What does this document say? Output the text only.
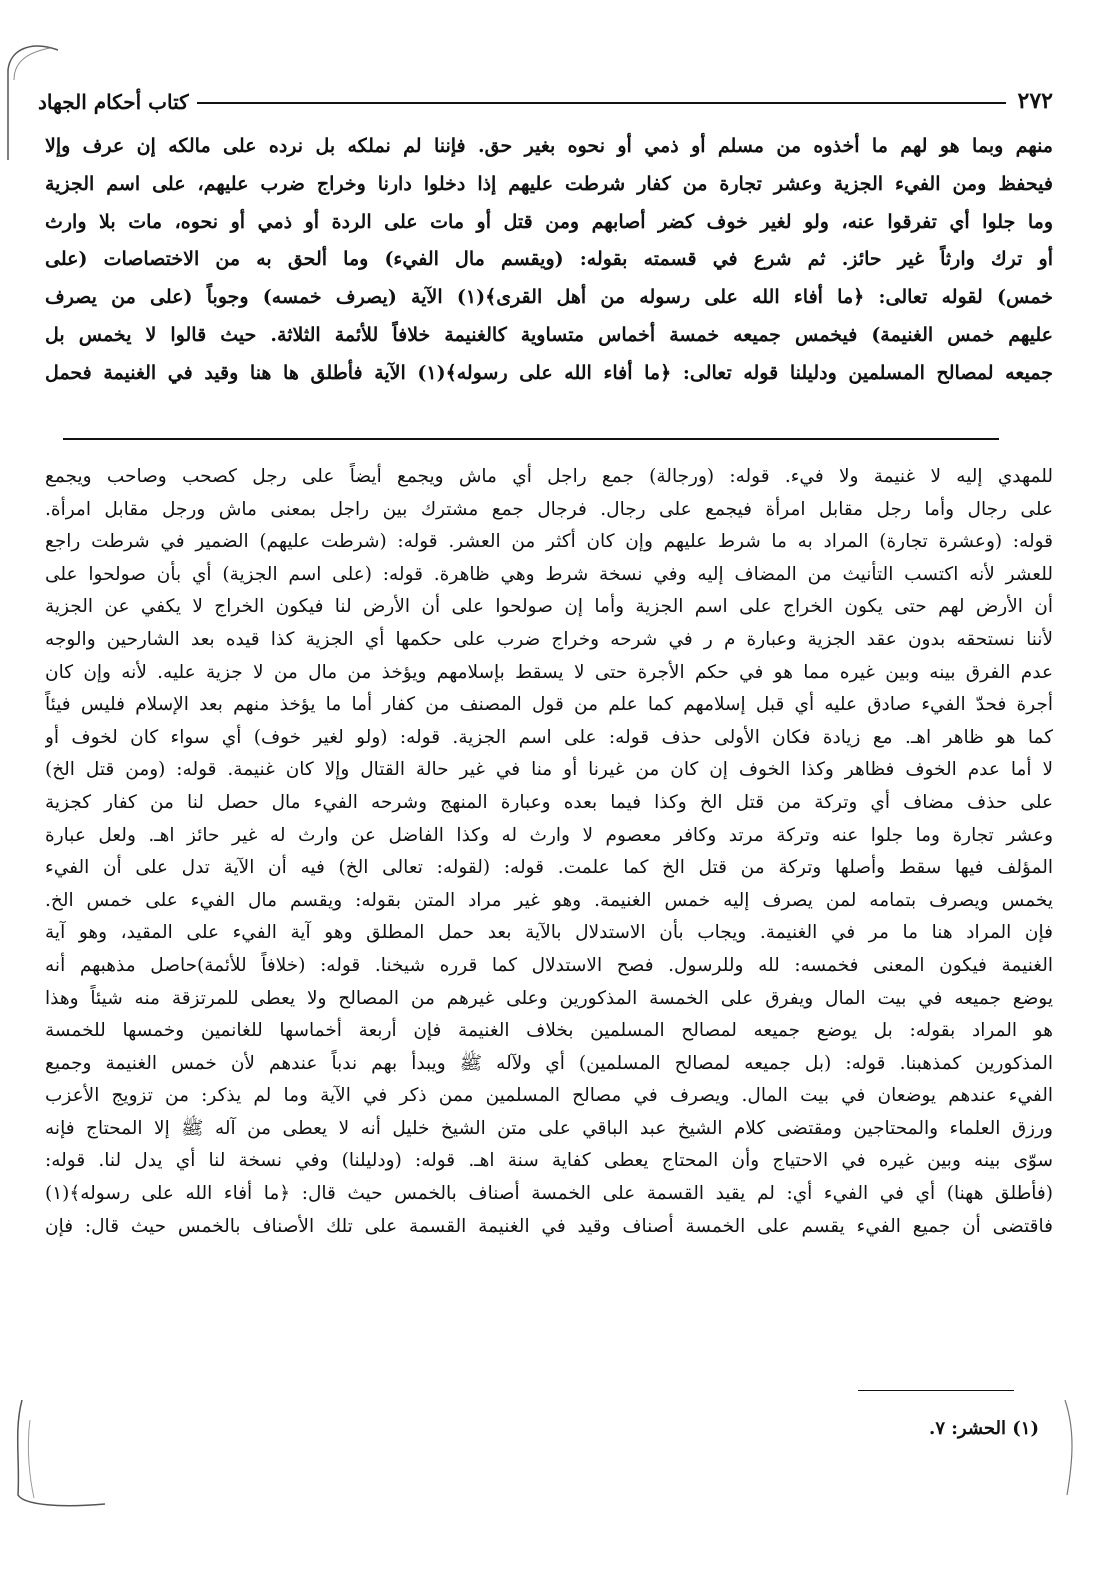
٢٧٢
كتاب أحكام الجهاد
منهم وبما هو لهم ما أخذوه من مسلم أو ذمي أو نحوه بغير حق. فإننا لم نملكه بل نرده على مالكه إن عرف وإلا
فيحفظ ومن الفيء الجزية وعشر تجارة من كفار شرطت عليهم إذا دخلوا دارنا وخراج ضرب عليهم، على اسم الجزية
وما جلوا أي تفرقوا عنه، ولو لغير خوف كضر أصابهم ومن قتل أو مات على الردة أو ذمي أو نحوه، مات بلا وارث
أو ترك وارثاً غير حائز. ثم شرع في قسمته بقوله: (ويقسم مال الفيء) وما ألحق به من الاختصاصات (على
خمس) لقوله تعالى: ﴿ما أفاء الله على رسوله من أهل القرى﴾(١) الآية (يصرف خمسه) وجوباً (على من يصرف
عليهم خمس الغنيمة) فيخمس جميعه خمسة أخماس متساوية كالغنيمة خلافاً للأئمة الثلاثة. حيث قالوا لا يخمس بل
جميعه لمصالح المسلمين ودليلنا قوله تعالى: ﴿ما أفاء الله على رسوله﴾(١) الآية فأطلق ها هنا وقيد في الغنيمة فحمل
للمهدي إليه لا غنيمة ولا فيء. قوله: (ورجالة) جمع راجل أي ماش ويجمع أيضاً على رجل كصحب وصاحب ويجمع
على رجال وأما رجل مقابل امرأة فيجمع على رجال. فرجال جمع مشترك بين راجل بمعنى ماش ورجل مقابل امرأة.
قوله: (وعشرة تجارة) المراد به ما شرط عليهم وإن كان أكثر من العشر. قوله: (شرطت عليهم) الضمير في شرطت راجع
للعشر لأنه اكتسب التأنيث من المضاف إليه وفي نسخة شرط وهي ظاهرة. قوله: (على اسم الجزية) أي بأن صولحوا على
أن الأرض لهم حتى يكون الخراج على اسم الجزية وأما إن صولحوا على أن الأرض لنا فيكون الخراج لا يكفي عن الجزية
لأننا نستحقه بدون عقد الجزية وعبارة م ر في شرحه وخراج ضرب على حكمها أي الجزية كذا قيده بعد الشارحين والوجه
عدم الفرق بينه وبين غيره مما هو في حكم الأجرة حتى لا يسقط بإسلامهم ويؤخذ من مال من لا جزية عليه. لأنه وإن كان
أجرة فحدّ الفيء صادق عليه أي قبل إسلامهم كما علم من قول المصنف من كفار أما ما يؤخذ منهم بعد الإسلام فليس فيئاً
كما هو ظاهر اهـ. مع زيادة فكان الأولى حذف قوله: على اسم الجزية. قوله: (ولو لغير خوف) أي سواء كان لخوف أو
لا أما عدم الخوف فظاهر وكذا الخوف إن كان من غيرنا أو منا في غير حالة القتال وإلا كان غنيمة. قوله: (ومن قتل الخ)
على حذف مضاف أي وتركة من قتل الخ وكذا فيما بعده وعبارة المنهج وشرحه الفيء مال حصل لنا من كفار كجزية
وعشر تجارة وما جلوا عنه وتركة مرتد وكافر معصوم لا وارث له وكذا الفاضل عن وارث له غير حائز اهـ. ولعل عبارة
المؤلف فيها سقط وأصلها وتركة من قتل الخ كما علمت. قوله: (لقوله: تعالى الخ) فيه أن الآية تدل على أن الفيء
يخمس ويصرف بتمامه لمن يصرف إليه خمس الغنيمة. وهو غير مراد المتن بقوله: ويقسم مال الفيء على خمس الخ.
فإن المراد هنا ما مر في الغنيمة. ويجاب بأن الاستدلال بالآية بعد حمل المطلق وهو آية الفيء على المقيد، وهو آية
الغنيمة فيكون المعنى فخمسه: لله وللرسول. فصح الاستدلال كما قرره شيخنا. قوله: (خلافاً للأئمة)حاصل مذهبهم أنه
يوضع جميعه في بيت المال ويفرق على الخمسة المذكورين وعلى غيرهم من المصالح ولا يعطى للمرتزقة منه شيئاً وهذا
هو المراد بقوله: بل يوضع جميعه لمصالح المسلمين بخلاف الغنيمة فإن أربعة أخماسها للغانمين وخمسها للخمسة
المذكورين كمذهبنا. قوله: (بل جميعه لمصالح المسلمين) أي ولآله ﷺ ويبدأ بهم ندباً عندهم لأن خمس الغنيمة وجميع
الفيء عندهم يوضعان في بيت المال. ويصرف في مصالح المسلمين ممن ذكر في الآية وما لم يذكر: من تزويج الأعزب
ورزق العلماء والمحتاجين ومقتضى كلام الشيخ عبد الباقي على متن الشيخ خليل أنه لا يعطى من آله ﷺ إلا المحتاج فإنه
سوّى بينه وبين غيره في الاحتياج وأن المحتاج يعطى كفاية سنة اهـ. قوله: (ودليلنا) وفي نسخة لنا أي يدل لنا. قوله:
(فأطلق ههنا) أي في الفيء أي: لم يقيد القسمة على الخمسة أصناف بالخمس حيث قال: ﴿ما أفاء الله على رسوله﴾(١)
فاقتضى أن جميع الفيء يقسم على الخمسة أصناف وقيد في الغنيمة القسمة على تلك الأصناف بالخمس حيث قال: فإن
(١) الحشر: ٧.
